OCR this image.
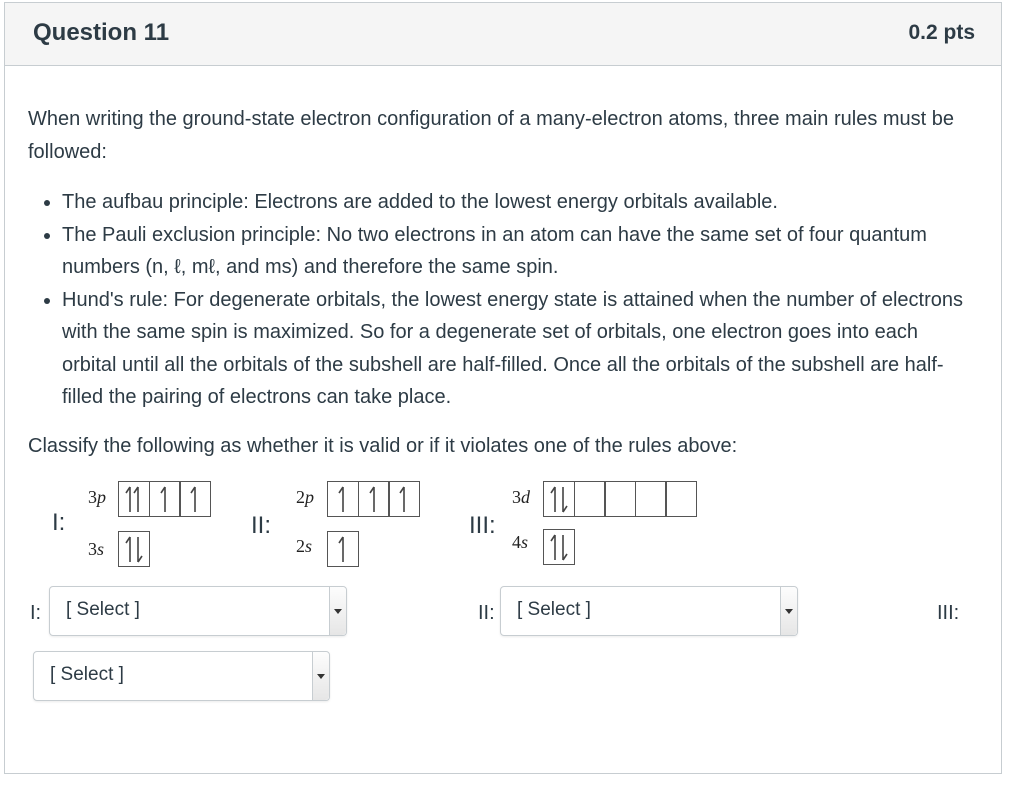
Question 11	0.2 pts

When writing the ground-state electron configuration of a many-electron atoms, three main rules must be followed:

• The aufbau principle: Electrons are added to the lowest energy orbitals available.
• The Pauli exclusion principle: No two electrons in an atom can have the same set of four quantum numbers (n, ℓ, mℓ, and ms) and therefore the same spin.
• Hund's rule: For degenerate orbitals, the lowest energy state is attained when the number of electrons with the same spin is maximized. So for a degenerate set of orbitals, one electron goes into each orbital until all the orbitals of the subshell are half-filled. Once all the orbitals of the subshell are half-filled the pairing of electrons can take place.

Classify the following as whether it is valid or if it violates one of the rules above:

I:
3p
3s
II:
2p
2s
III:
3d
4s
I: [ Select ]	II: [ Select ]	III:
[ Select ]
